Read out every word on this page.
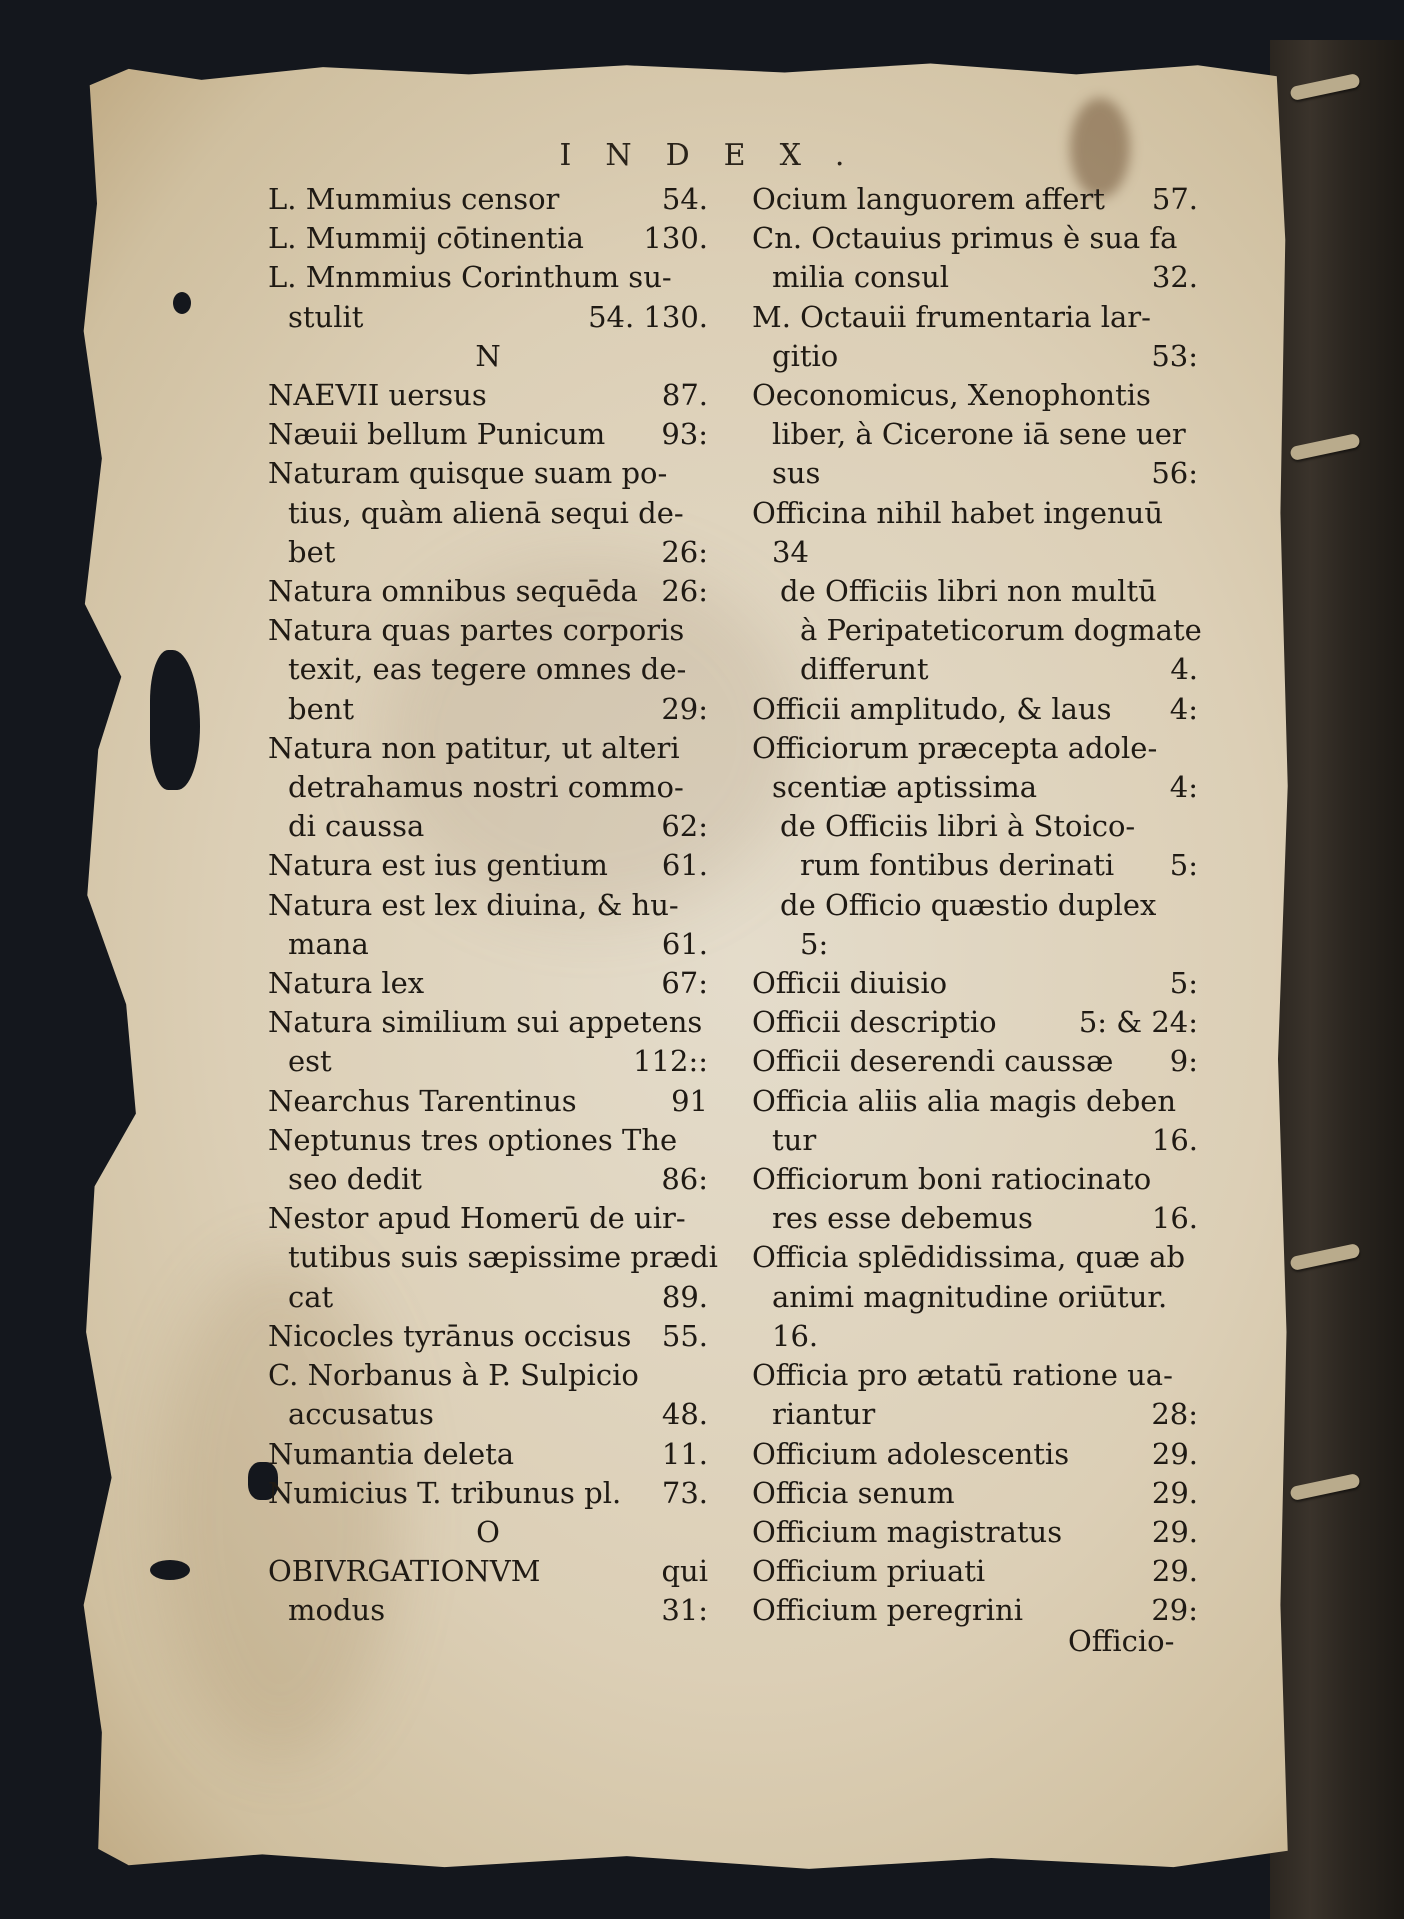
INDEX.
L. Mummius censor	54.
L. Mummij cōtinentia	130.
L. Mnmmius Corinthum su-
stulit	54. 130.
N
NAEVII uersus	87.
Næuii bellum Punicum	93:
Naturam quisque suam po-
tius, quàm alienā sequi de-
bet	26:
Natura omnibus sequēda 26:
Natura quas partes corporis
texit, eas tegere omnes de-
bent	29:
Natura non patitur, ut alteri
detrahamus nostri commo-
di caussa	62:
Natura est ius gentium	61.
Natura est lex diuina, & hu-
mana	61.
Natura lex	67:
Natura similium sui appetens
est	112::
Nearchus Tarentinus	91
Neptunus tres optiones The
seo dedit	86:
Nestor apud Homerū de uir-
tutibus suis sæpissime prædi
cat	89.
Nicocles tyrānus occisus	55.
C. Norbanus à P. Sulpicio
accusatus	48.
Numantia deleta	11.
Numicius T. tribunus pl.	73.
O
OBIVRGATIONVM	qui
modus	31:
Ocium languorem affert	57.
Cn. Octauius primus è sua fa
milia consul	32.
M. Octauii frumentaria lar-
gitio	53:
Oeconomicus, Xenophontis
liber, à Cicerone iā sene uer
sus	56:
Officina nihil habet ingenuū
34
de Officiis libri non multū
à Peripateticorum dogmate
differunt	4.
Officii amplitudo, & laus	4:
Officiorum præcepta adole-
scentiæ aptissima	4:
de Officiis libri à Stoico-
rum fontibus derinati	5:
de Officio quæstio duplex
5:
Officii diuisio	5:
Officii descriptio	5: & 24:
Officii deserendi caussæ	9:
Officia aliis alia magis deben
tur	16.
Officiorum boni ratiocinato
res esse debemus	16.
Officia splēdidissima, quæ ab
animi magnitudine oriūtur.
16.
Officia pro ætatū ratione ua-
riantur	28:
Officium adolescentis	29.
Officia senum	29.
Officium magistratus	29.
Officium priuati	29.
Officium peregrini	29:
Officio-
